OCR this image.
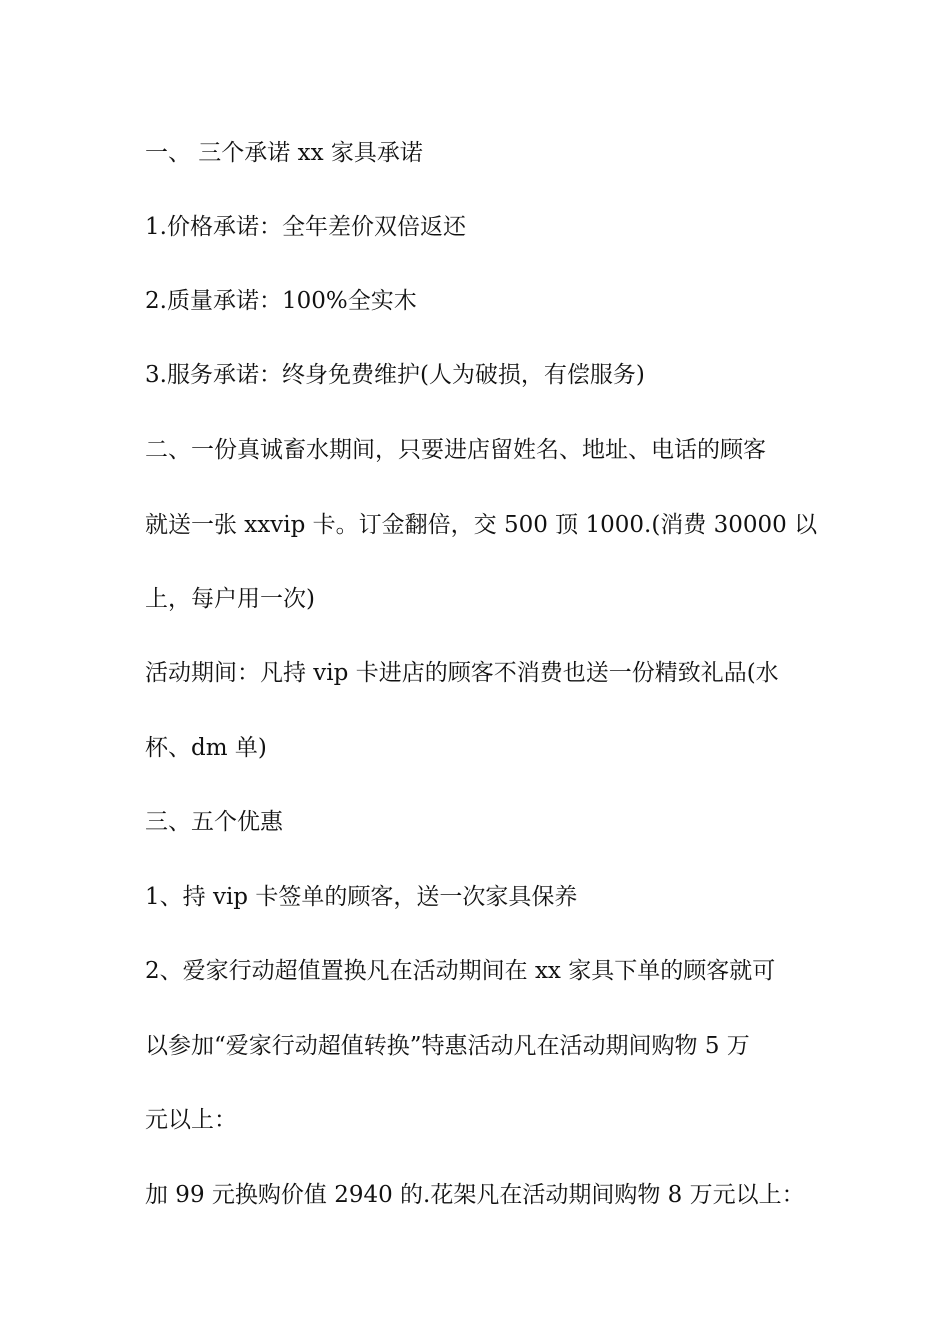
一、 三个承诺 xx 家具承诺
1.价格承诺：全年差价双倍返还
2.质量承诺：100%全实木
3.服务承诺：终身免费维护(人为破损，有偿服务)
二、一份真诚畜水期间，只要进店留姓名、地址、电话的顾客
就送一张 xxvip 卡。订金翻倍，交 500 顶 1000.(消费 30000 以
上，每户用一次)
活动期间：凡持 vip 卡进店的顾客不消费也送一份精致礼品(水
杯、dm 单)
三、五个优惠
1、持 vip 卡签单的顾客，送一次家具保养
2、爱家行动超值置换凡在活动期间在 xx 家具下单的顾客就可
以参加“爱家行动超值转换”特惠活动凡在活动期间购物 5 万
元以上：
加 99 元换购价值 2940 的.花架凡在活动期间购物 8 万元以上：
